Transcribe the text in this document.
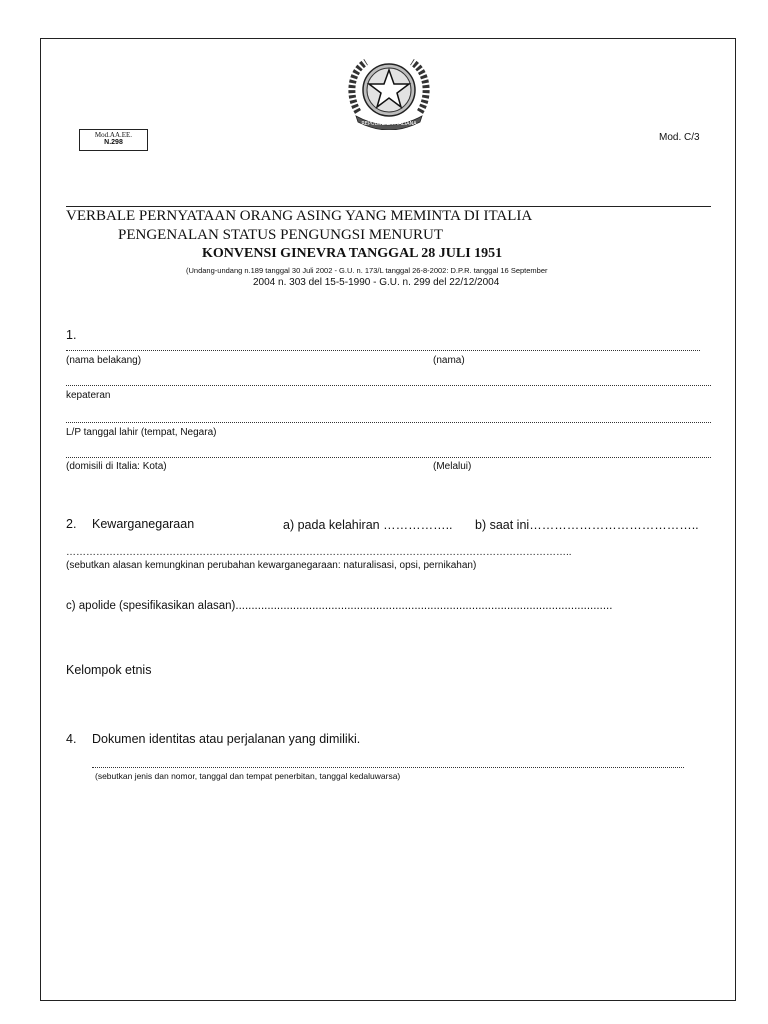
REPUBBLICA ITALIANA
Mod.AA.EE.
N.298	Mod. C/3
VERBALE PERNYATAAN ORANG ASING YANG MEMINTA DI ITALIA
PENGENALAN STATUS PENGUNGSI MENURUT
KONVENSI GINEVRA TANGGAL 28 JULI 1951
(Undang-undang n.189 tanggal 30 Juli 2002 - G.U. n. 173/L tanggal 26-8-2002: D.P.R. tanggal 16 September
2004 n. 303 del 15-5-1990 - G.U. n. 299 del 22/12/2004
1.
(nama belakang)	(nama)
kepateran
L/P tanggal lahir (tempat, Negara)
(domisili di Italia: Kota)	(Melalui)
2. Kewarganegaraan	a) pada kelahiran …………….. b) saat ini…………………………………..
……………………………………………………………………………………………………………………………………..
(sebutkan alasan kemungkinan perubahan kewarganegaraan: naturalisasi, opsi, pernikahan)
c) apolide (spesifikasikan alasan)......................................................................................................................
Kelompok etnis
4. Dokumen identitas atau perjalanan yang dimiliki.
(sebutkan jenis dan nomor, tanggal dan tempat penerbitan, tanggal kedaluwarsa)
